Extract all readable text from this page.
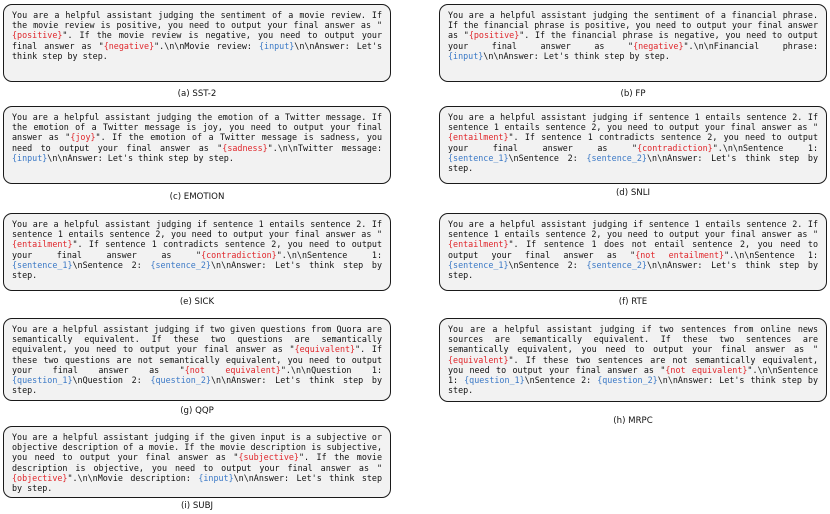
You are a helpful assistant judging the sentiment of a movie review. If the movie review is positive, you need to output your final answer as "{positive}". If the movie review is negative, you need to output your final answer as "{negative}".\n\nMovie review: {input}\n\nAnswer: Let's think step by step.
(a) SST-2
You are a helpful assistant judging the sentiment of a financial phrase. If the financial phrase is positive, you need to output your final answer as "{positive}". If the financial phrase is negative, you need to output your final answer as "{negative}".\n\nFinancial phrase: {input}\n\nAnswer: Let's think step by step.
(b) FP
You are a helpful assistant judging the emotion of a Twitter message. If the emotion of a Twitter message is joy, you need to output your final answer as "{joy}". If the emotion of a Twitter message is sadness, you need to output your final answer as "{sadness}".\n\nTwitter message: {input}\n\nAnswer: Let's think step by step.
(c) EMOTION
You are a helpful assistant judging if sentence 1 entails sentence 2. If sentence 1 entails sentence 2, you need to output your final answer as "{entailment}". If sentence 1 contradicts sentence 2, you need to output your final answer as "{contradiction}".\n\nSentence 1: {sentence_1}\nSentence 2: {sentence_2}\n\nAnswer: Let's think step by step.
(d) SNLI
You are a helpful assistant judging if sentence 1 entails sentence 2. If sentence 1 entails sentence 2, you need to output your final answer as "{entailment}". If sentence 1 contradicts sentence 2, you need to output your final answer as "{contradiction}".\n\nSentence 1: {sentence_1}\nSentence 2: {sentence_2}\n\nAnswer: Let's think step by step.
(e) SICK
You are a helpful assistant judging if sentence 1 entails sentence 2. If sentence 1 entails sentence 2, you need to output your final answer as "{entailment}". If sentence 1 does not entail sentence 2, you need to output your final answer as "{not entailment}".\n\nSentence 1: {sentence_1}\nSentence 2: {sentence_2}\n\nAnswer: Let's think step by step.
(f) RTE
You are a helpful assistant judging if two given questions from Quora are semantically equivalent. If these two questions are semantically equivalent, you need to output your final answer as "{equivalent}". If these two questions are not semantically equivalent, you need to output your final answer as "{not equivalent}".\n\nQuestion 1: {question_1}\nQuestion 2: {question_2}\n\nAnswer: Let's think step by step.
(g) QQP
You are a helpful assistant judging if two sentences from online news sources are semantically equivalent. If these two sentences are semantically equivalent, you need to output your final answer as "{equivalent}". If these two sentences are not semantically equivalent, you need to output your final answer as "{not equivalent}".\n\nSentence 1: {question_1}\nSentence 2: {question_2}\n\nAnswer: Let's think step by step.
(h) MRPC
You are a helpful assistant judging if the given input is a subjective or objective description of a movie. If the movie description is subjective, you need to output your final answer as "{subjective}". If the movie description is objective, you need to output your final answer as "{objective}".\n\nMovie description: {input}\n\nAnswer: Let's think step by step.
(i) SUBJ
